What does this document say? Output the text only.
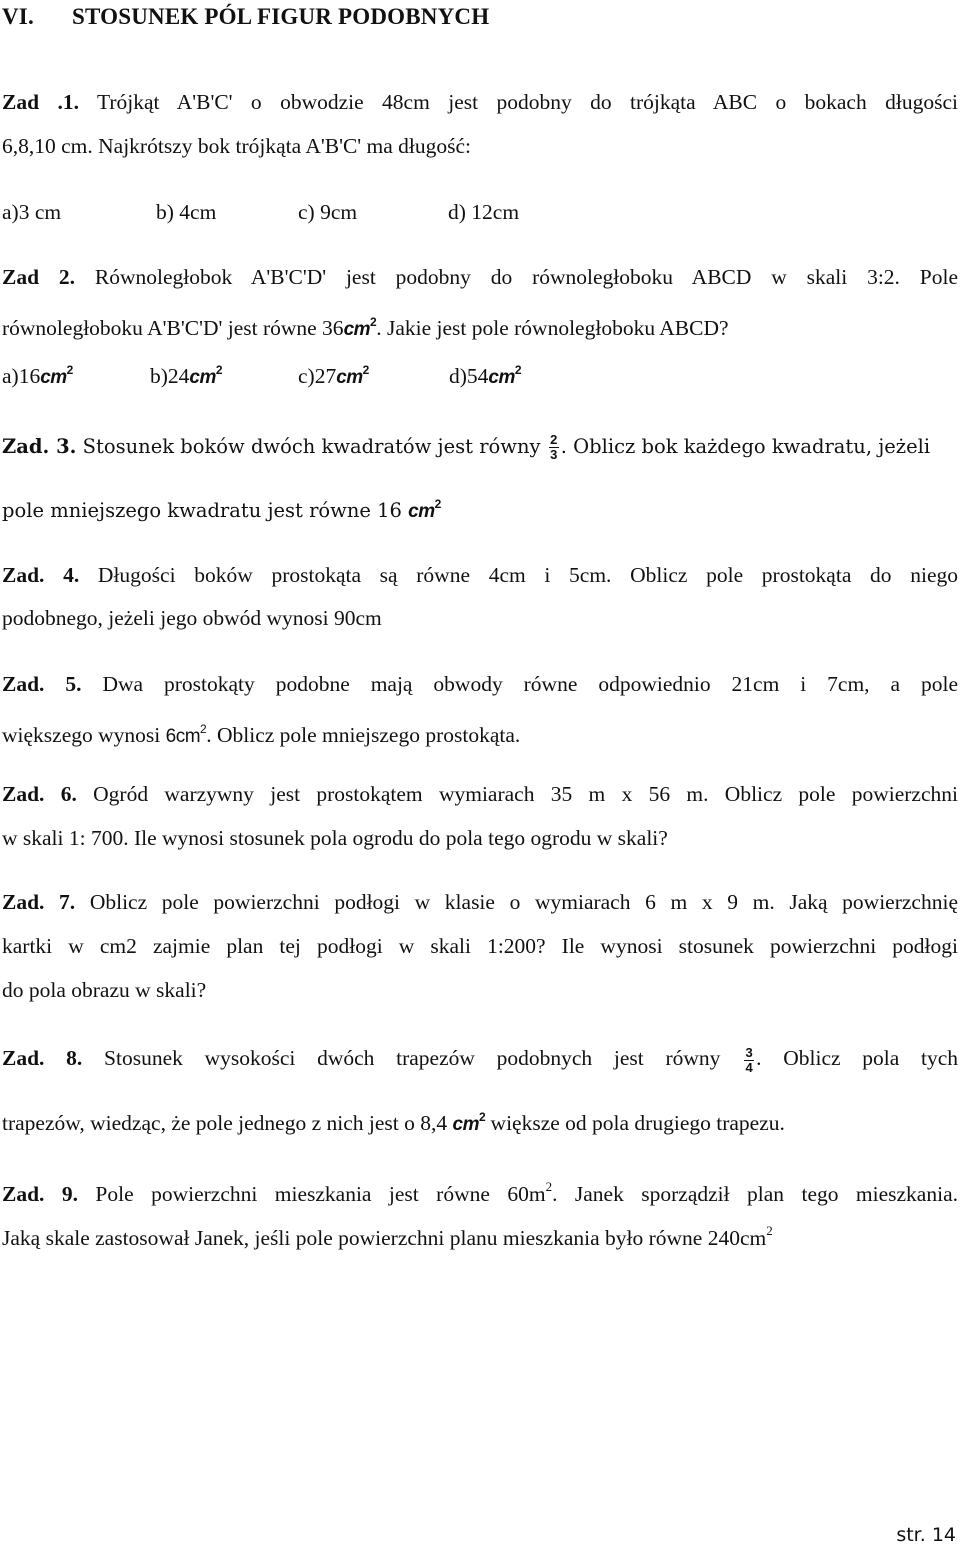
VI. STOSUNEK PÓL FIGUR PODOBNYCH
Zad .1. Trójkąt A'B'C' o obwodzie 48cm jest podobny do trójkąta ABC o bokach długości
6,8,10 cm. Najkrótszy bok trójkąta A'B'C' ma długość:
a)3 cm	b) 4cm	c) 9cm	d) 12cm
Zad 2. Równoległobok A'B'C'D' jest podobny do równoległoboku ABCD w skali 3:2. Pole
równoległoboku A'B'C'D' jest równe $36cm^2$. Jakie jest pole równoległoboku ABCD?
$a)16cm^2$	$b)24cm^2$	$c)27cm^2$	$d)54cm^2$
Zad. 3. Stosunek boków dwóch kwadratów jest równy $\frac{2}{3}$ . Oblicz bok każdego kwadratu, jeżeli
pole mniejszego kwadratu jest równe 16 $cm^2$
Zad. 4. Długości boków prostokąta są równe 4cm i 5cm. Oblicz pole prostokąta do niego
podobnego, jeżeli jego obwód wynosi 90cm
Zad. 5. Dwa prostokąty podobne mają obwody równe odpowiednio 21cm i 7cm, a pole
większego wynosi $6cm^2$. Oblicz pole mniejszego prostokąta.
Zad. 6. Ogród warzywny jest prostokątem wymiarach 35 m x 56 m. Oblicz pole powierzchni
w skali 1: 700. Ile wynosi stosunek pola ogrodu do pola tego ogrodu w skali?
Zad. 7. Oblicz pole powierzchni podłogi w klasie o wymiarach 6 m x 9 m. Jaką powierzchnię
kartki w cm2 zajmie plan tej podłogi w skali 1:200? Ile wynosi stosunek powierzchni podłogi
do pola obrazu w skali?
Zad. 8. Stosunek wysokości dwóch trapezów podobnych jest równy $\frac{3}{4}$ . Oblicz pola tych
trapezów, wiedząc, że pole jednego z nich jest o 8,4 $cm^2$ większe od pola drugiego trapezu.
Zad. 9. Pole powierzchni mieszkania jest równe $60m^2$. Janek sporządził plan tego mieszkania.
Jaką skale zastosował Janek, jeśli pole powierzchni planu mieszkania było równe $240cm^2$
str. 14
